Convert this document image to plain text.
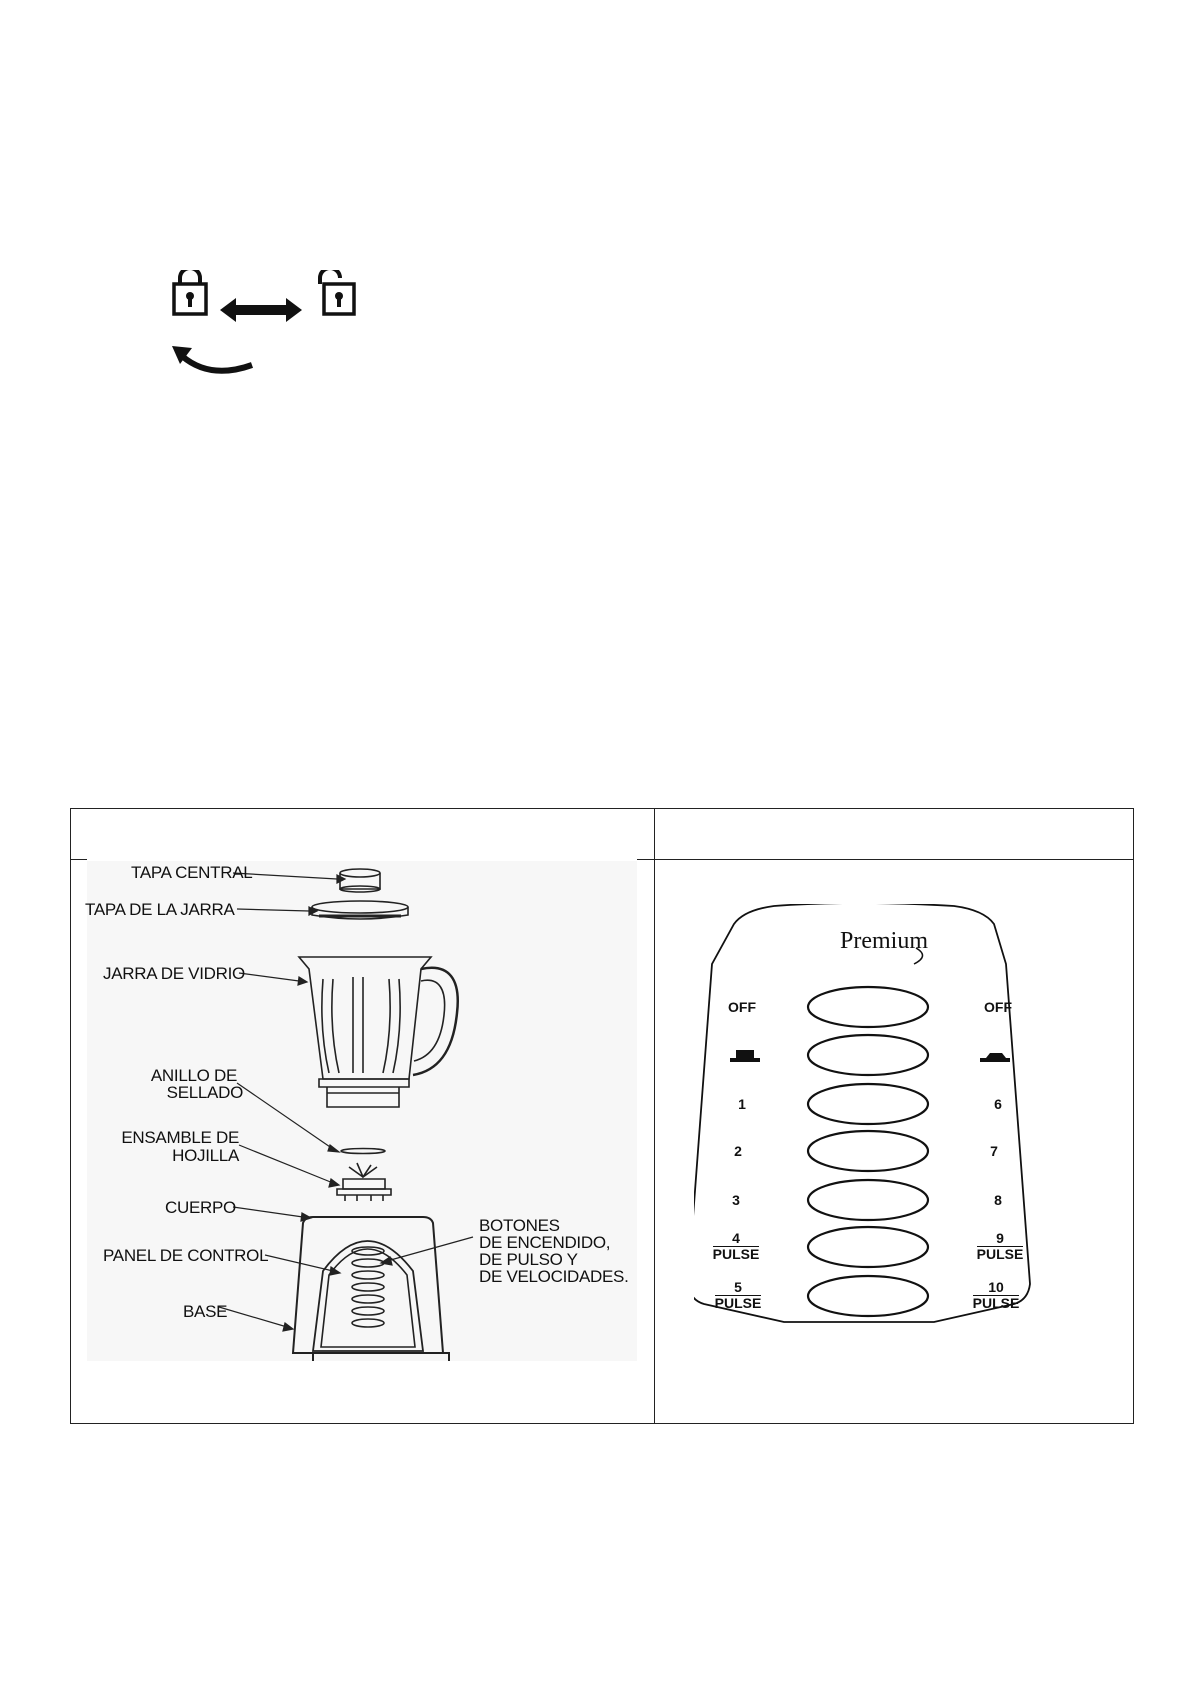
TAPA CENTRAL
TAPA DE LA JARRA
JARRA DE VIDRIO
ANILLO DE
SELLADO
ENSAMBLE DE
HOJILLA
CUERPO
PANEL DE CONTROL
BASE
BOTONES
DE ENCENDIDO,
DE PULSO Y
DE VELOCIDADES.
Premium
OFF	OFF
1	6
2	7
3	8
4
PULSE
9
PULSE
5
PULSE
10
PULSE
